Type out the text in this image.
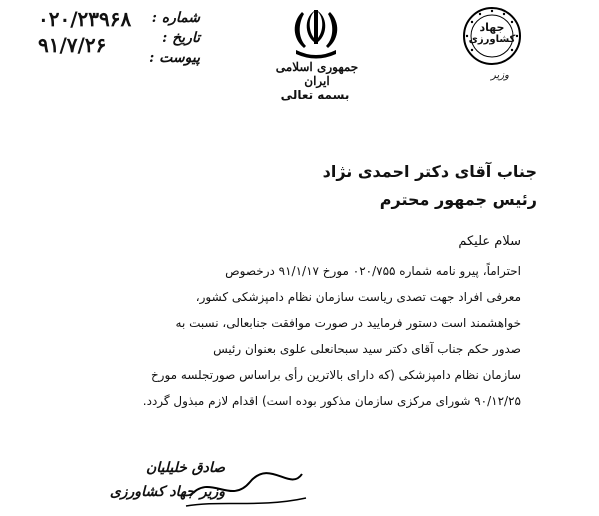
۰۲۰/۲۳۹۶۸
۹۱/۷/۲۶
شماره :
تاریخ :
پیوست :
جمهوری اسلامی ایران
بسمه تعالی
جهاد
کشاورزی
وزیر
جناب آقای دکتر احمدی نژاد
رئیس جمهور محترم
سلام علیکم
احتراماً، پیرو نامه شماره ۰۲۰/۷۵۵ مورخ ۹۱/۱/۱۷ درخصوص
معرفی افراد جهت تصدی ریاست سازمان نظام دامپزشکی کشور،
خواهشمند است دستور فرمایید در صورت موافقت جنابعالی، نسبت به
صدور حکم جناب آقای دکتر سید سبحانعلی علوی بعنوان رئیس
سازمان نظام دامپزشکی (که دارای بالاترین رأی براساس صورتجلسه مورخ
۹۰/۱۲/۲۵ شورای مرکزی سازمان مذکور بوده است) اقدام لازم مبذول گردد.
صادق خلیلیان
وزیر جهاد کشاورزی
